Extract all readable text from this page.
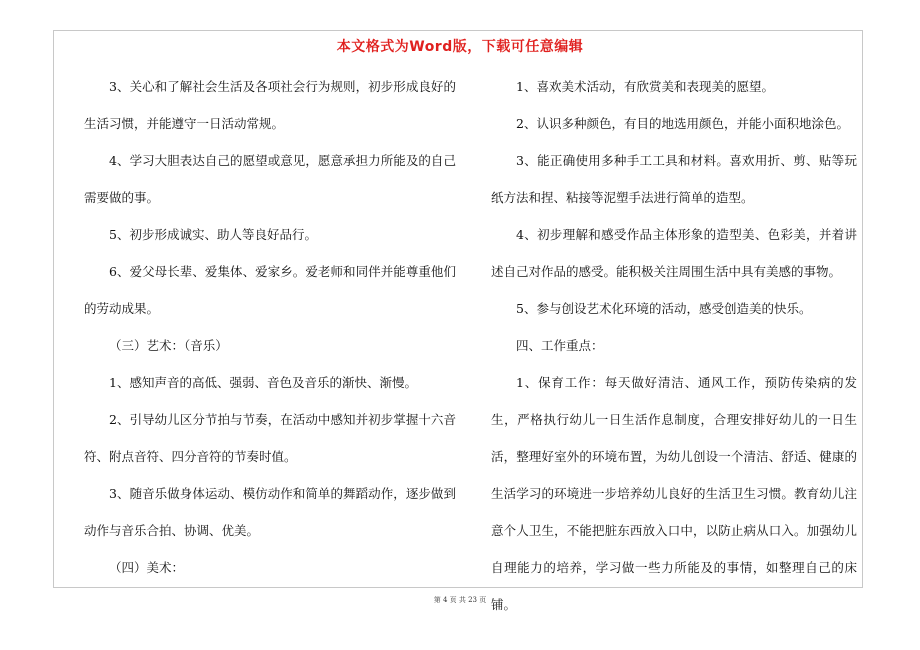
本文格式为Word版，下载可任意编辑

3、关心和了解社会生活及各项社会行为规则，初步形成良好的生活习惯，并能遵守一日活动常规。

4、学习大胆表达自己的愿望或意见，愿意承担力所能及的自己需要做的事。

5、初步形成诚实、助人等良好品行。

6、爱父母长辈、爱集体、爱家乡。爱老师和同伴并能尊重他们的劳动成果。

（三）艺术：（音乐）

1、感知声音的高低、强弱、音色及音乐的渐快、渐慢。

2、引导幼儿区分节拍与节奏，在活动中感知并初步掌握十六音符、附点音符、四分音符的节奏时值。

3、随音乐做身体运动、模仿动作和简单的舞蹈动作，逐步做到动作与音乐合拍、协调、优美。

（四）美术：

1、喜欢美术活动，有欣赏美和表现美的愿望。

2、认识多种颜色，有目的地选用颜色，并能小面积地涂色。

3、能正确使用多种手工工具和材料。喜欢用折、剪、贴等玩纸方法和捏、粘接等泥塑手法进行简单的造型。

4、初步理解和感受作品主体形象的造型美、色彩美，并着讲述自己对作品的感受。能积极关注周围生活中具有美感的事物。

5、参与创设艺术化环境的活动，感受创造美的快乐。

四、工作重点：

1、保育工作：每天做好清洁、通风工作，预防传染病的发生，严格执行幼儿一日生活作息制度，合理安排好幼儿的一日生活，整理好室外的环境布置，为幼儿创设一个清洁、舒适、健康的生活学习的环境进一步培养幼儿良好的生活卫生习惯。教育幼儿注意个人卫生，不能把脏东西放入口中，以防止病从口入。加强幼儿自理能力的培养，学习做一些力所能及的事情，如整理自己的床铺。

第 4 页 共 23 页
